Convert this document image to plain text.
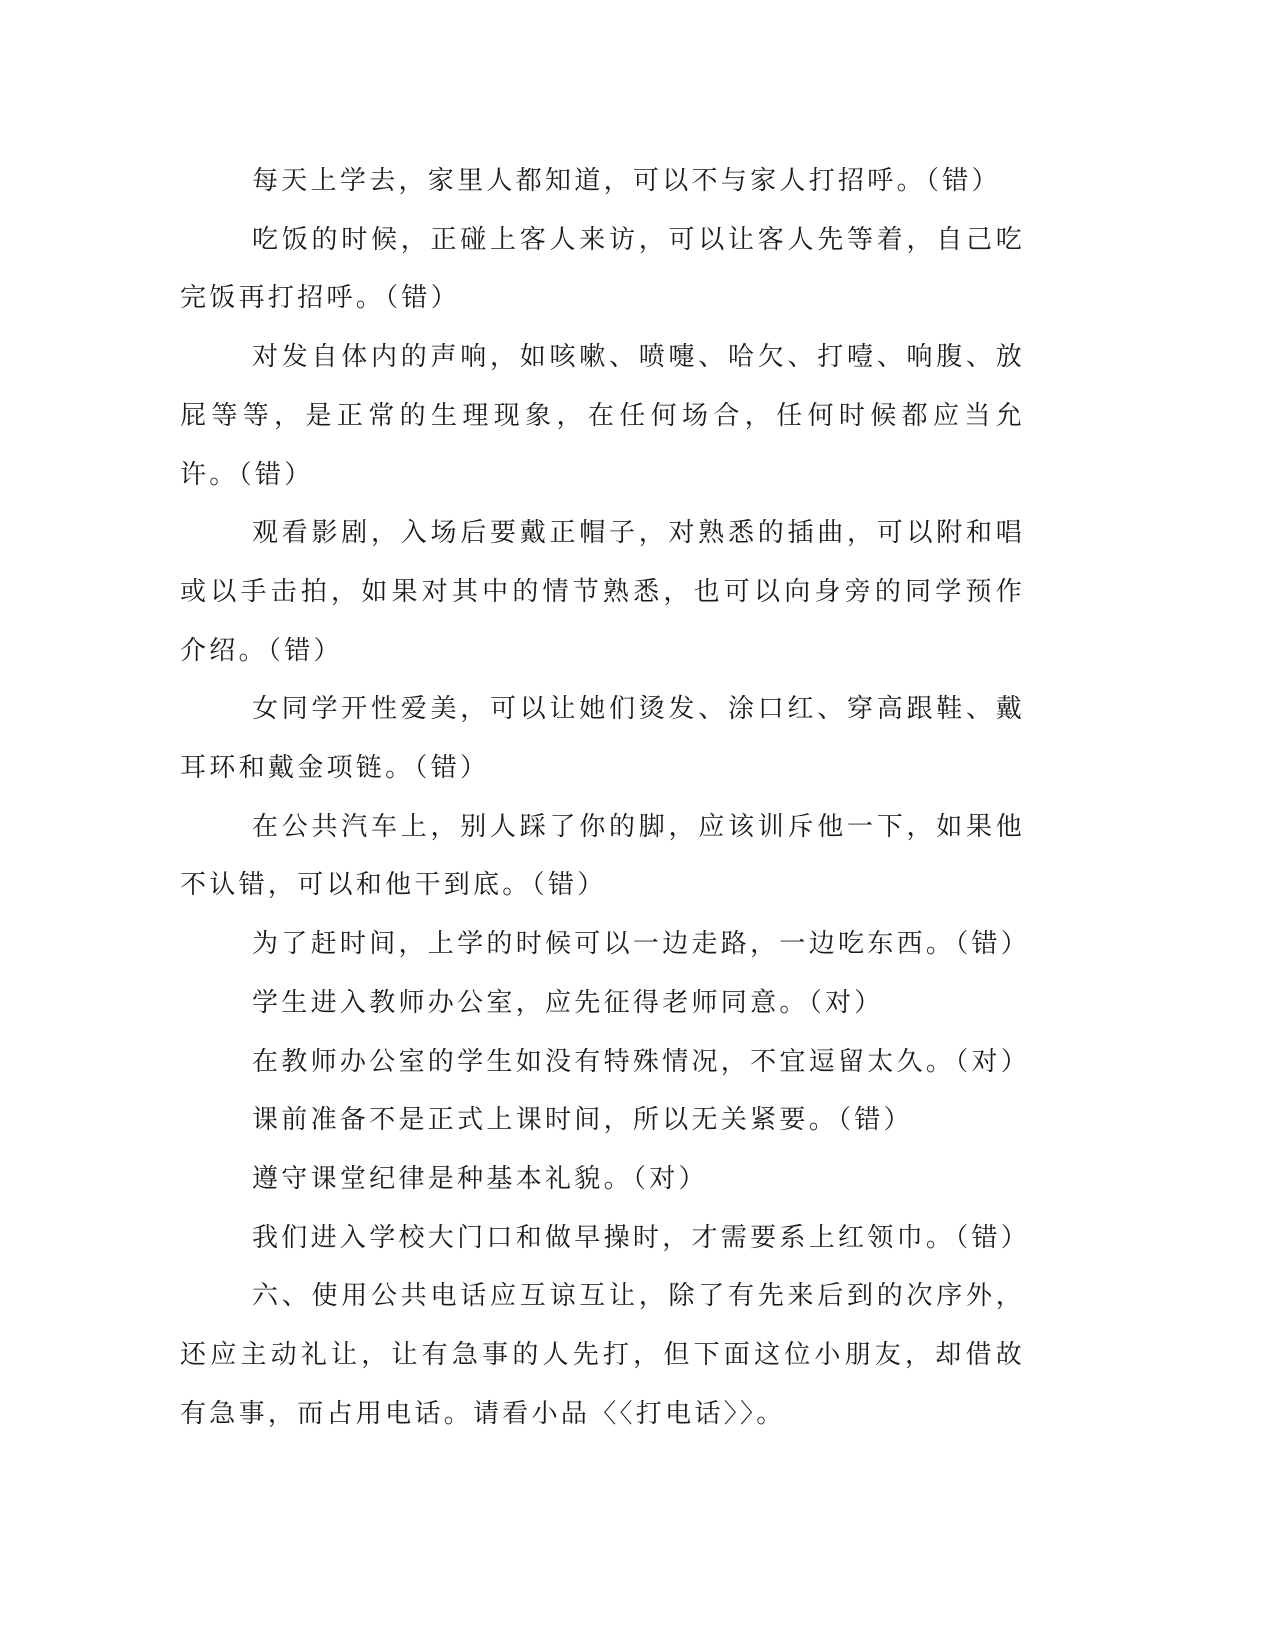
每天上学去，家里人都知道，可以不与家人打招呼。（错）

吃饭的时候，正碰上客人来访，可以让客人先等着，自己吃完饭再打招呼。（错）

对发自体内的声响，如咳嗽、喷嚏、哈欠、打噎、响腹、放屁等等，是正常的生理现象，在任何场合，任何时候都应当允许。（错）

观看影剧，入场后要戴正帽子，对熟悉的插曲，可以附和唱或以手击拍，如果对其中的情节熟悉，也可以向身旁的同学预作介绍。（错）

女同学开性爱美，可以让她们烫发、涂口红、穿高跟鞋、戴耳环和戴金项链。（错）

在公共汽车上，别人踩了你的脚，应该训斥他一下，如果他不认错，可以和他干到底。（错）

为了赶时间，上学的时候可以一边走路，一边吃东西。（错）

学生进入教师办公室，应先征得老师同意。（对）

在教师办公室的学生如没有特殊情况，不宜逗留太久。（对）

课前准备不是正式上课时间，所以无关紧要。（错）

遵守课堂纪律是种基本礼貌。（对）

我们进入学校大门口和做早操时，才需要系上红领巾。（错）

六、使用公共电话应互谅互让，除了有先来后到的次序外，还应主动礼让，让有急事的人先打，但下面这位小朋友，却借故有急事，而占用电话。请看小品〈〈打电话〉〉。
